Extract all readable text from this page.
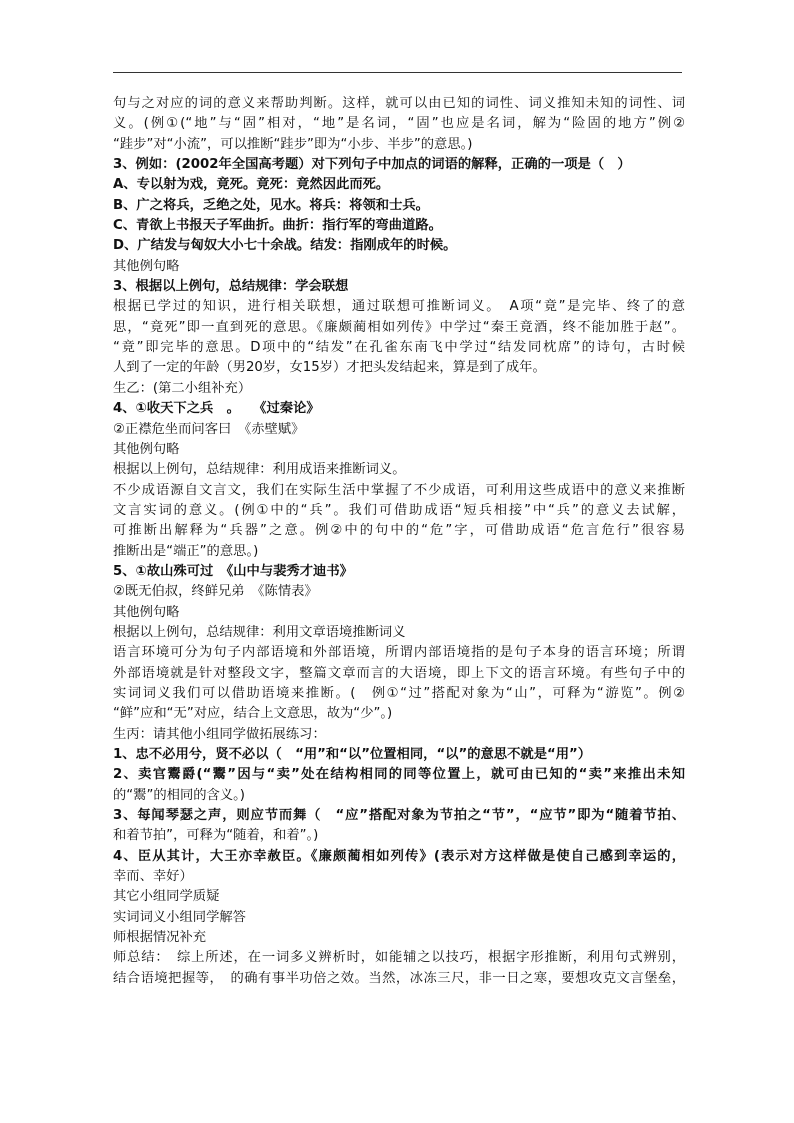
句与之对应的词的意义来帮助判断。这样，就可以由已知的词性、词义推知未知的词性、词
义。(例①(“地”与“固”相对，“地”是名词，“固”也应是名词，解为“险固的地方”例②
“跬步”对“小流”，可以推断“跬步”即为“小步、半步”的意思。)
3、例如：(2002年全国高考题）对下列句子中加点的词语的解释，正确的一项是（　）
A、专以射为戏，竟死。竟死：竟然因此而死。
B、广之将兵，乏绝之处，见水。将兵：将领和士兵。
C、青欲上书报天子军曲折。曲折：指行军的弯曲道路。
D、广结发与匈奴大小七十余战。结发：指刚成年的时候。
其他例句略
3、根据以上例句，总结规律：学会联想
根据已学过的知识，进行相关联想，通过联想可推断词义。　A项“竟”是完毕、终了的意
思，“竟死”即一直到死的意思。《廉颇蔺相如列传》中学过“秦王竟酒，终不能加胜于赵”。
“竟”即完毕的意思。D项中的“结发”在孔雀东南飞中学过“结发同枕席”的诗句，古时候
人到了一定的年龄（男20岁，女15岁）才把头发结起来，算是到了成年。
生乙：(第二小组补充）
4、①收天下之兵　。　　《过秦论》
②正襟危坐而问客曰　《赤壁赋》
其他例句略
根据以上例句，总结规律：利用成语来推断词义。
不少成语源自文言文，我们在实际生活中掌握了不少成语，可利用这些成语中的意义来推断
文言实词的意义。(例①中的“兵”。我们可借助成语“短兵相接”中“兵”的意义去试解，
可推断出解释为“兵器”之意。例②中的句中的“危”字，可借助成语“危言危行”很容易
推断出是“端正”的意思。)
5、①故山殊可过　《山中与裴秀才迪书》
②既无伯叔，终鲜兄弟　《陈情表》
其他例句略
根据以上例句，总结规律：利用文章语境推断词义
语言环境可分为句子内部语境和外部语境，所谓内部语境指的是句子本身的语言环境；所谓
外部语境就是针对整段文字，整篇文章而言的大语境，即上下文的语言环境。有些句子中的
实词词义我们可以借助语境来推断。(　例①“过”搭配对象为“山”，可释为“游览”。例②
“鲜”应和“无”对应，结合上文意思，故为“少”。)
生丙：请其他小组同学做拓展练习：
1、忠不必用兮，贤不必以（　“用”和“以”位置相同，“以”的意思不就是“用”）
2、卖官鬻爵(“鬻”因与“卖”处在结构相同的同等位置上，就可由已知的“卖”来推出未知
的“鬻”的相同的含义。)
3、每闻琴瑟之声，则应节而舞（　“应”搭配对象为节拍之“节”，“应节”即为“随着节拍、
和着节拍”，可释为“随着，和着”。)
4、臣从其计，大王亦幸赦臣。《廉颇蔺相如列传》(表示对方这样做是使自己感到幸运的，
幸而、幸好）
其它小组同学质疑
实词词义小组同学解答
师根据情况补充
师总结：　综上所述，在一词多义辨析时，如能辅之以技巧，根据字形推断，利用句式辨别，
结合语境把握等，　的确有事半功倍之效。当然，冰冻三尺，非一日之寒，要想攻克文言堡垒，
